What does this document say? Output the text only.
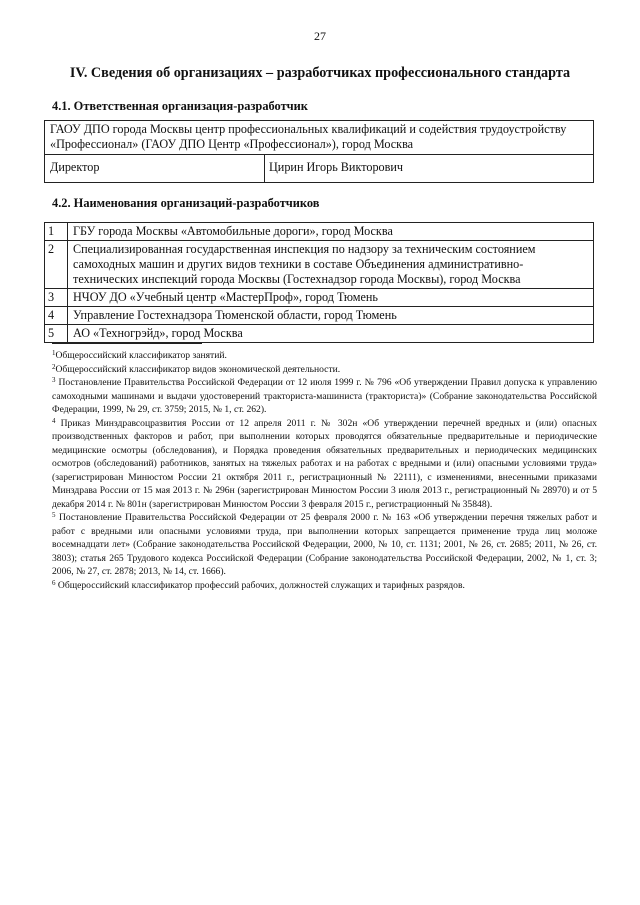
27
IV. Сведения об организациях – разработчиках профессионального стандарта
4.1. Ответственная организация-разработчик
ГАОУ ДПО города Москвы центр профессиональных квалификаций и содействия трудоустройству «Профессионал» (ГАОУ ДПО Центр «Профессионал»), город Москва
Директор	Цирин Игорь Викторович
4.2. Наименования организаций-разработчиков
1	ГБУ города Москвы «Автомобильные дороги», город Москва
2	Специализированная государственная инспекция по надзору за техническим состоянием самоходных машин и других видов техники в составе Объединения административно-технических инспекций города Москвы (Гостехнадзор города Москвы), город Москва
3	НЧОУ ДО «Учебный центр «МастерПроф», город Тюмень
4	Управление Гостехнадзора Тюменской области, город Тюмень
5	АО «Техногрэйд», город Москва

$^1$Общероссийский классификатор занятий.

$^2$Общероссийский классификатор видов экономической деятельности.

$^3$ Постановление Правительства Российской Федерации от 12 июля 1999 г. № 796 «Об утверждении Правил допуска к управлению самоходными машинами и выдачи удостоверений тракториста-машиниста (тракториста)» (Собрание законодательства Российской Федерации, 1999, № 29, ст. 3759; 2015, № 1, ст. 262).

$^4$ Приказ Минздравсоцразвития России от 12 апреля 2011 г. № 302н «Об утверждении перечней вредных и (или) опасных производственных факторов и работ, при выполнении которых проводятся обязательные предварительные и периодические медицинские осмотры (обследования), и Порядка проведения обязательных предварительных и периодических медицинских осмотров (обследований) работников, занятых на тяжелых работах и на работах с вредными и (или) опасными условиями труда» (зарегистрирован Минюстом России 21 октября 2011 г., регистрационный № 22111), с изменениями, внесенными приказами Минздрава России от 15 мая 2013 г. № 296н (зарегистрирован Минюстом России 3 июля 2013 г., регистрационный № 28970) и от 5 декабря 2014 г. № 801н (зарегистрирован Минюстом России 3 февраля 2015 г., регистрационный № 35848).

$^5$ Постановление Правительства Российской Федерации от 25 февраля 2000 г. № 163 «Об утверждении перечня тяжелых работ и работ с вредными или опасными условиями труда, при выполнении которых запрещается применение труда лиц моложе восемнадцати лет» (Собрание законодательства Российской Федерации, 2000, № 10, ст. 1131; 2001, № 26, ст. 2685; 2011, № 26, ст. 3803); статья 265 Трудового кодекса Российской Федерации (Собрание законодательства Российской Федерации, 2002, № 1, ст. 3; 2006, № 27, ст. 2878; 2013, № 14, ст. 1666).

$^6$ Общероссийский классификатор профессий рабочих, должностей служащих и тарифных разрядов.
